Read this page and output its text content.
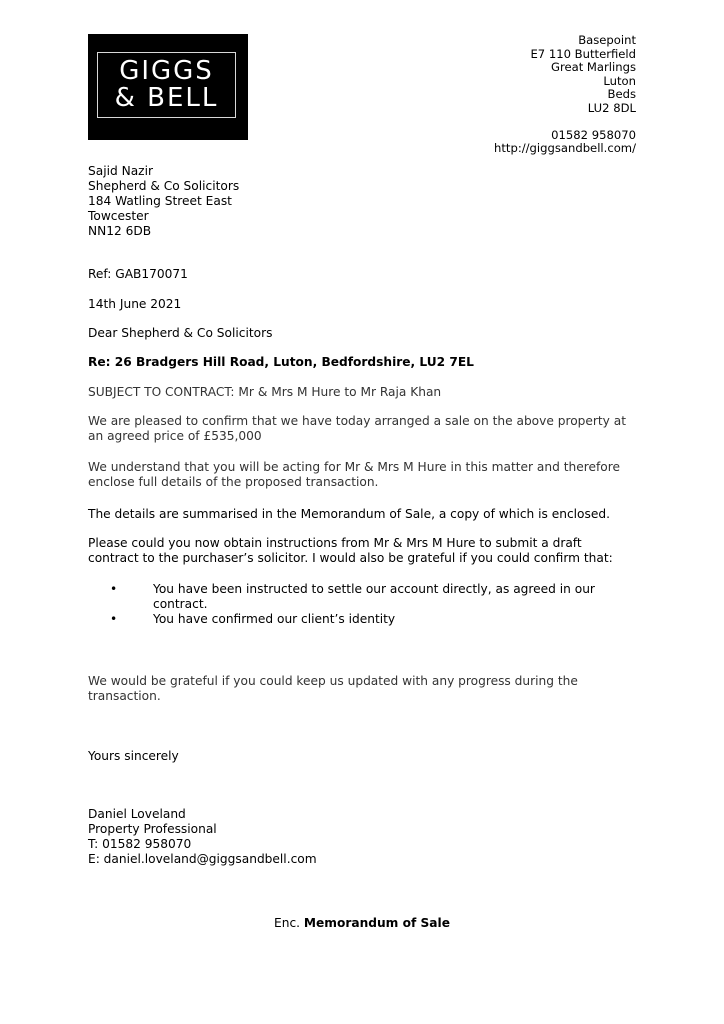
GIGGS
& BELL
Basepoint
E7 110 Butterfield
Great Marlings
Luton
Beds
LU2 8DL
01582 958070
http://giggsandbell.com/
Sajid Nazir
Shepherd & Co Solicitors
184 Watling Street East
Towcester
NN12 6DB
Ref: GAB170071
14th June 2021
Dear Shepherd & Co Solicitors
Re: 26 Bradgers Hill Road, Luton, Bedfordshire, LU2 7EL
SUBJECT TO CONTRACT: Mr & Mrs M Hure to Mr Raja Khan
We are pleased to confirm that we have today arranged a sale on the above property at an agreed price of £535,000
We understand that you will be acting for Mr & Mrs M Hure in this matter and therefore enclose full details of the proposed transaction.
The details are summarised in the Memorandum of Sale, a copy of which is enclosed.
Please could you now obtain instructions from Mr & Mrs M Hure to submit a draft contract to the purchaser’s solicitor. I would also be grateful if you could confirm that:
• You have been instructed to settle our account directly, as agreed in our contract.
• You have confirmed our client’s identity
We would be grateful if you could keep us updated with any progress during the transaction.
Yours sincerely
Daniel Loveland
Property Professional
T: 01582 958070
E: daniel.loveland@giggsandbell.com
Enc. Memorandum of Sale
